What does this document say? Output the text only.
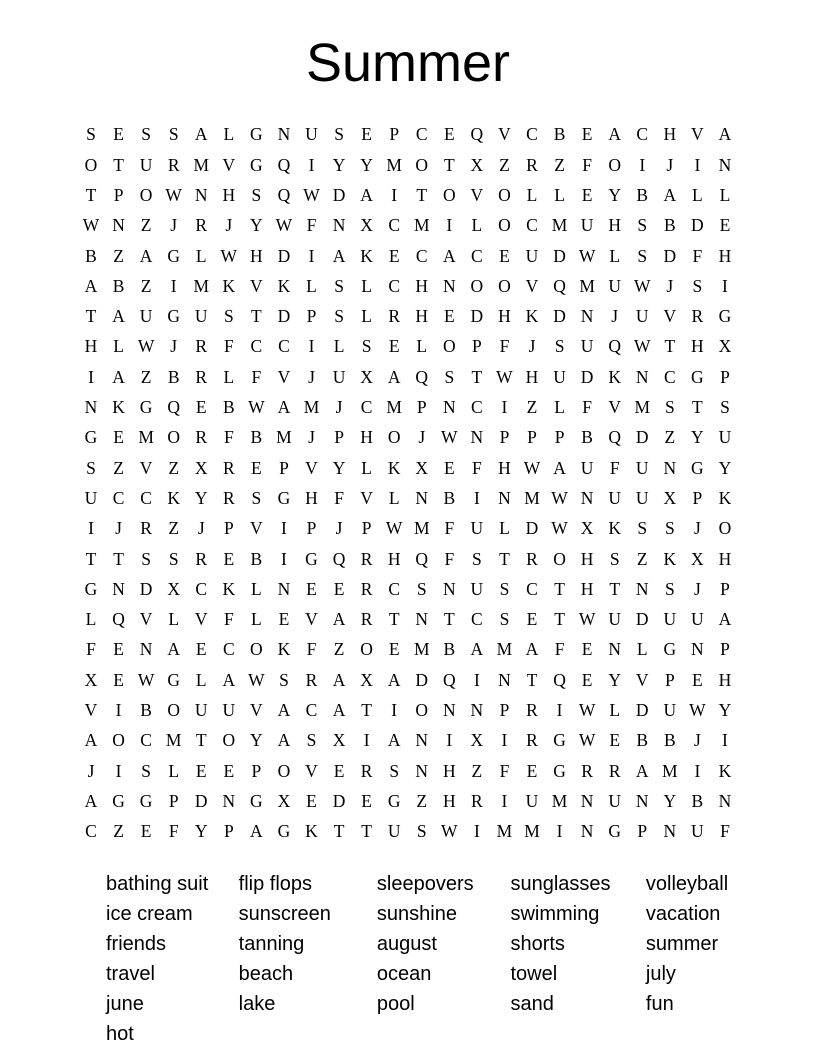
Summer
S E S	S A L G N U S E P C E Q V C B E A C H V A
O T U R M V G Q	I	Y Y M O T X Z R Z F O	I	J	I	N
T P O W N H S Q W D A	I	T O V O L L E Y B A L L
W N Z	J	R	J	Y W F N X C M I	L O C M U H S B D E
B Z A G L W H D	I	A K E C A C E U D W L S D F H
A B Z	I M K V K L S L C H N O O V Q M U W J	S	I
T A U G U S T D P	S L R H E D H K D N	J	U V R G
H L W J	R F C C	I	L S E L O P	F	J	S U Q W T H X
I	A Z B R L F V	J	U X A Q S T W H U D K N C G P
N K G Q E B W A M J	C M P N C	I	Z L F V M S T S
G E M O R F B M J	P H O	J W N P	P	P B Q D Z Y U
S Z V Z X R E P V Y L K X E F H W A U F U N G Y
U C C K Y R S G H F V L N B	I	N M W N U U X P K
I	J	R Z	J	P V	I	P	J	P W M F U L D W X K S	S	J	O
T T S	S R E B	I	G Q R H Q F	S T R O H S Z K X H
G N D X C K L N E E R C S N U S C T H T N S	J	P
L Q V L V F L E V A R T N T C S E T W U D U U A
F E N A E C O K F Z O E M B A M A F E N L G N P
X E W G L A W S R A X A D Q	I	N T Q E Y V P E H
V	I	B O U U V A C A T	I	O N N P R	I W L D U W Y
A O C M T O Y A S X	I	A N	I	X	I	R G W E B B	J	I
J	I	S L E E P O V E R S N H Z F E G R R A M I	K
A G G P D N G X E D E G Z H R	I	U M N U N Y B N
C Z E F Y P A G K T T U S W I M M I	N G P N U F
bathing suit
ice cream
friends
travel
june
hot
flip flops
sunscreen
tanning
beach
lake
sleepovers
sunshine
august
ocean
pool
sunglasses
swimming
shorts
towel
sand
volleyball
vacation
summer
july
fun
